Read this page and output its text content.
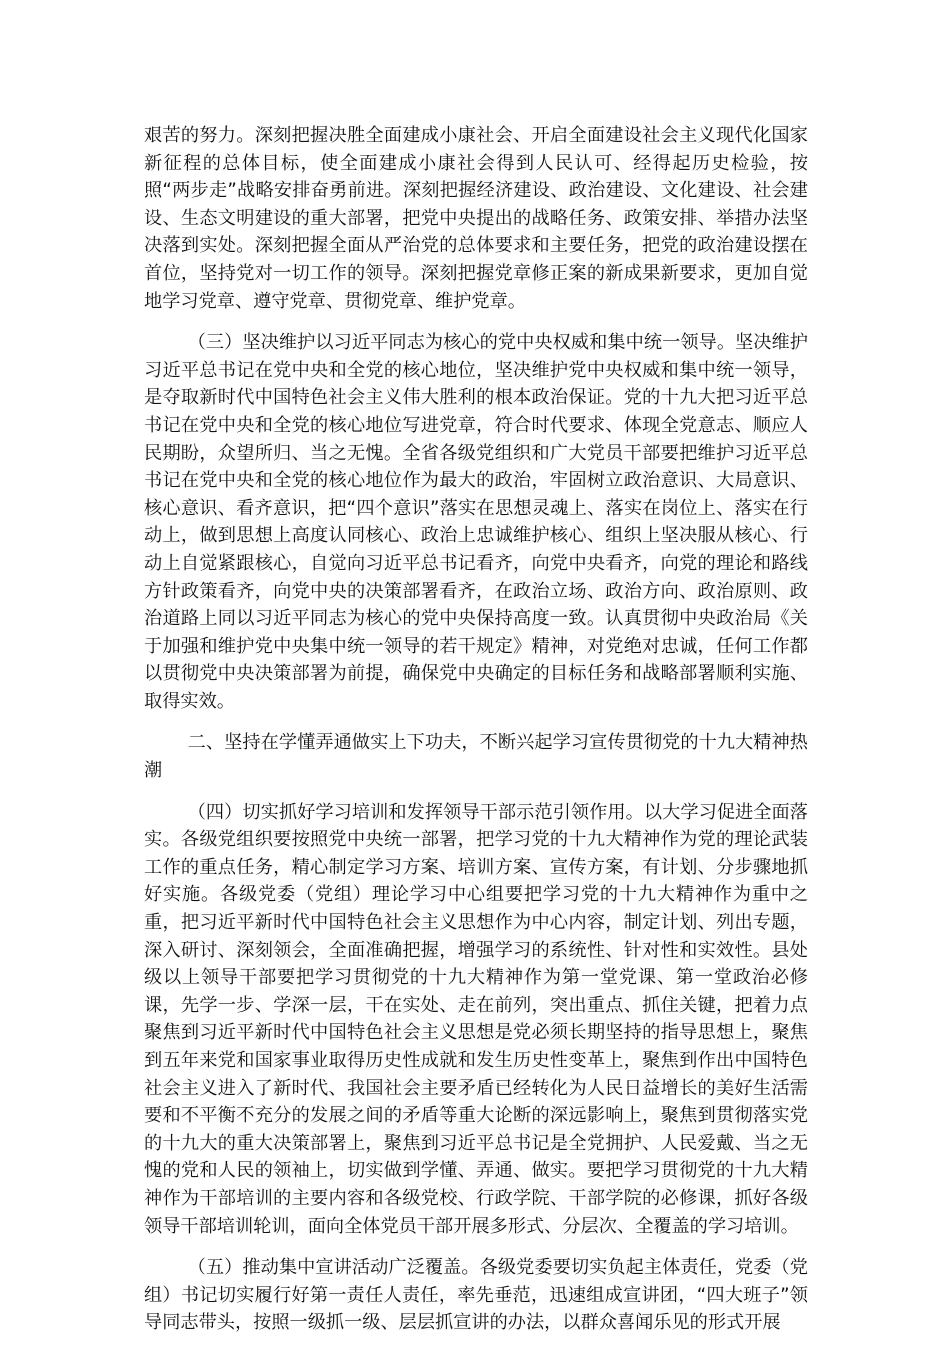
艰苦的努力。深刻把握决胜全面建成小康社会、开启全面建设社会主义现代化国家新征程的总体目标，使全面建成小康社会得到人民认可、经得起历史检验，按照“两步走”战略安排奋勇前进。深刻把握经济建设、政治建设、文化建设、社会建设、生态文明建设的重大部署，把党中央提出的战略任务、政策安排、举措办法坚决落到实处。深刻把握全面从严治党的总体要求和主要任务，把党的政治建设摆在首位，坚持党对一切工作的领导。深刻把握党章修正案的新成果新要求，更加自觉地学习党章、遵守党章、贯彻党章、维护党章。

（三）坚决维护以习近平同志为核心的党中央权威和集中统一领导。坚决维护习近平总书记在党中央和全党的核心地位，坚决维护党中央权威和集中统一领导，是夺取新时代中国特色社会主义伟大胜利的根本政治保证。党的十九大把习近平总书记在党中央和全党的核心地位写进党章，符合时代要求、体现全党意志、顺应人民期盼，众望所归、当之无愧。全省各级党组织和广大党员干部要把维护习近平总书记在党中央和全党的核心地位作为最大的政治，牢固树立政治意识、大局意识、核心意识、看齐意识，把“四个意识”落实在思想灵魂上、落实在岗位上、落实在行动上，做到思想上高度认同核心、政治上忠诚维护核心、组织上坚决服从核心、行动上自觉紧跟核心，自觉向习近平总书记看齐，向党中央看齐，向党的理论和路线方针政策看齐，向党中央的决策部署看齐，在政治立场、政治方向、政治原则、政治道路上同以习近平同志为核心的党中央保持高度一致。认真贯彻中央政治局《关于加强和维护党中央集中统一领导的若干规定》精神，对党绝对忠诚，任何工作都以贯彻党中央决策部署为前提，确保党中央确定的目标任务和战略部署顺利实施、取得实效。

二、坚持在学懂弄通做实上下功夫，不断兴起学习宣传贯彻党的十九大精神热潮

（四）切实抓好学习培训和发挥领导干部示范引领作用。以大学习促进全面落实。各级党组织要按照党中央统一部署，把学习党的十九大精神作为党的理论武装工作的重点任务，精心制定学习方案、培训方案、宣传方案，有计划、分步骤地抓好实施。各级党委（党组）理论学习中心组要把学习党的十九大精神作为重中之重，把习近平新时代中国特色社会主义思想作为中心内容，制定计划、列出专题，深入研讨、深刻领会，全面准确把握，增强学习的系统性、针对性和实效性。县处级以上领导干部要把学习贯彻党的十九大精神作为第一堂党课、第一堂政治必修课，先学一步、学深一层，干在实处、走在前列，突出重点、抓住关键，把着力点聚焦到习近平新时代中国特色社会主义思想是党必须长期坚持的指导思想上，聚焦到五年来党和国家事业取得历史性成就和发生历史性变革上，聚焦到作出中国特色社会主义进入了新时代、我国社会主要矛盾已经转化为人民日益增长的美好生活需要和不平衡不充分的发展之间的矛盾等重大论断的深远影响上，聚焦到贯彻落实党的十九大的重大决策部署上，聚焦到习近平总书记是全党拥护、人民爱戴、当之无愧的党和人民的领袖上，切实做到学懂、弄通、做实。要把学习贯彻党的十九大精神作为干部培训的主要内容和各级党校、行政学院、干部学院的必修课，抓好各级领导干部培训轮训，面向全体党员干部开展多形式、分层次、全覆盖的学习培训。

（五）推动集中宣讲活动广泛覆盖。各级党委要切实负起主体责任，党委（党组）书记切实履行好第一责任人责任，率先垂范，迅速组成宣讲团，“四大班子”领导同志带头，按照一级抓一级、层层抓宣讲的办法，以群众喜闻乐见的形式开展
